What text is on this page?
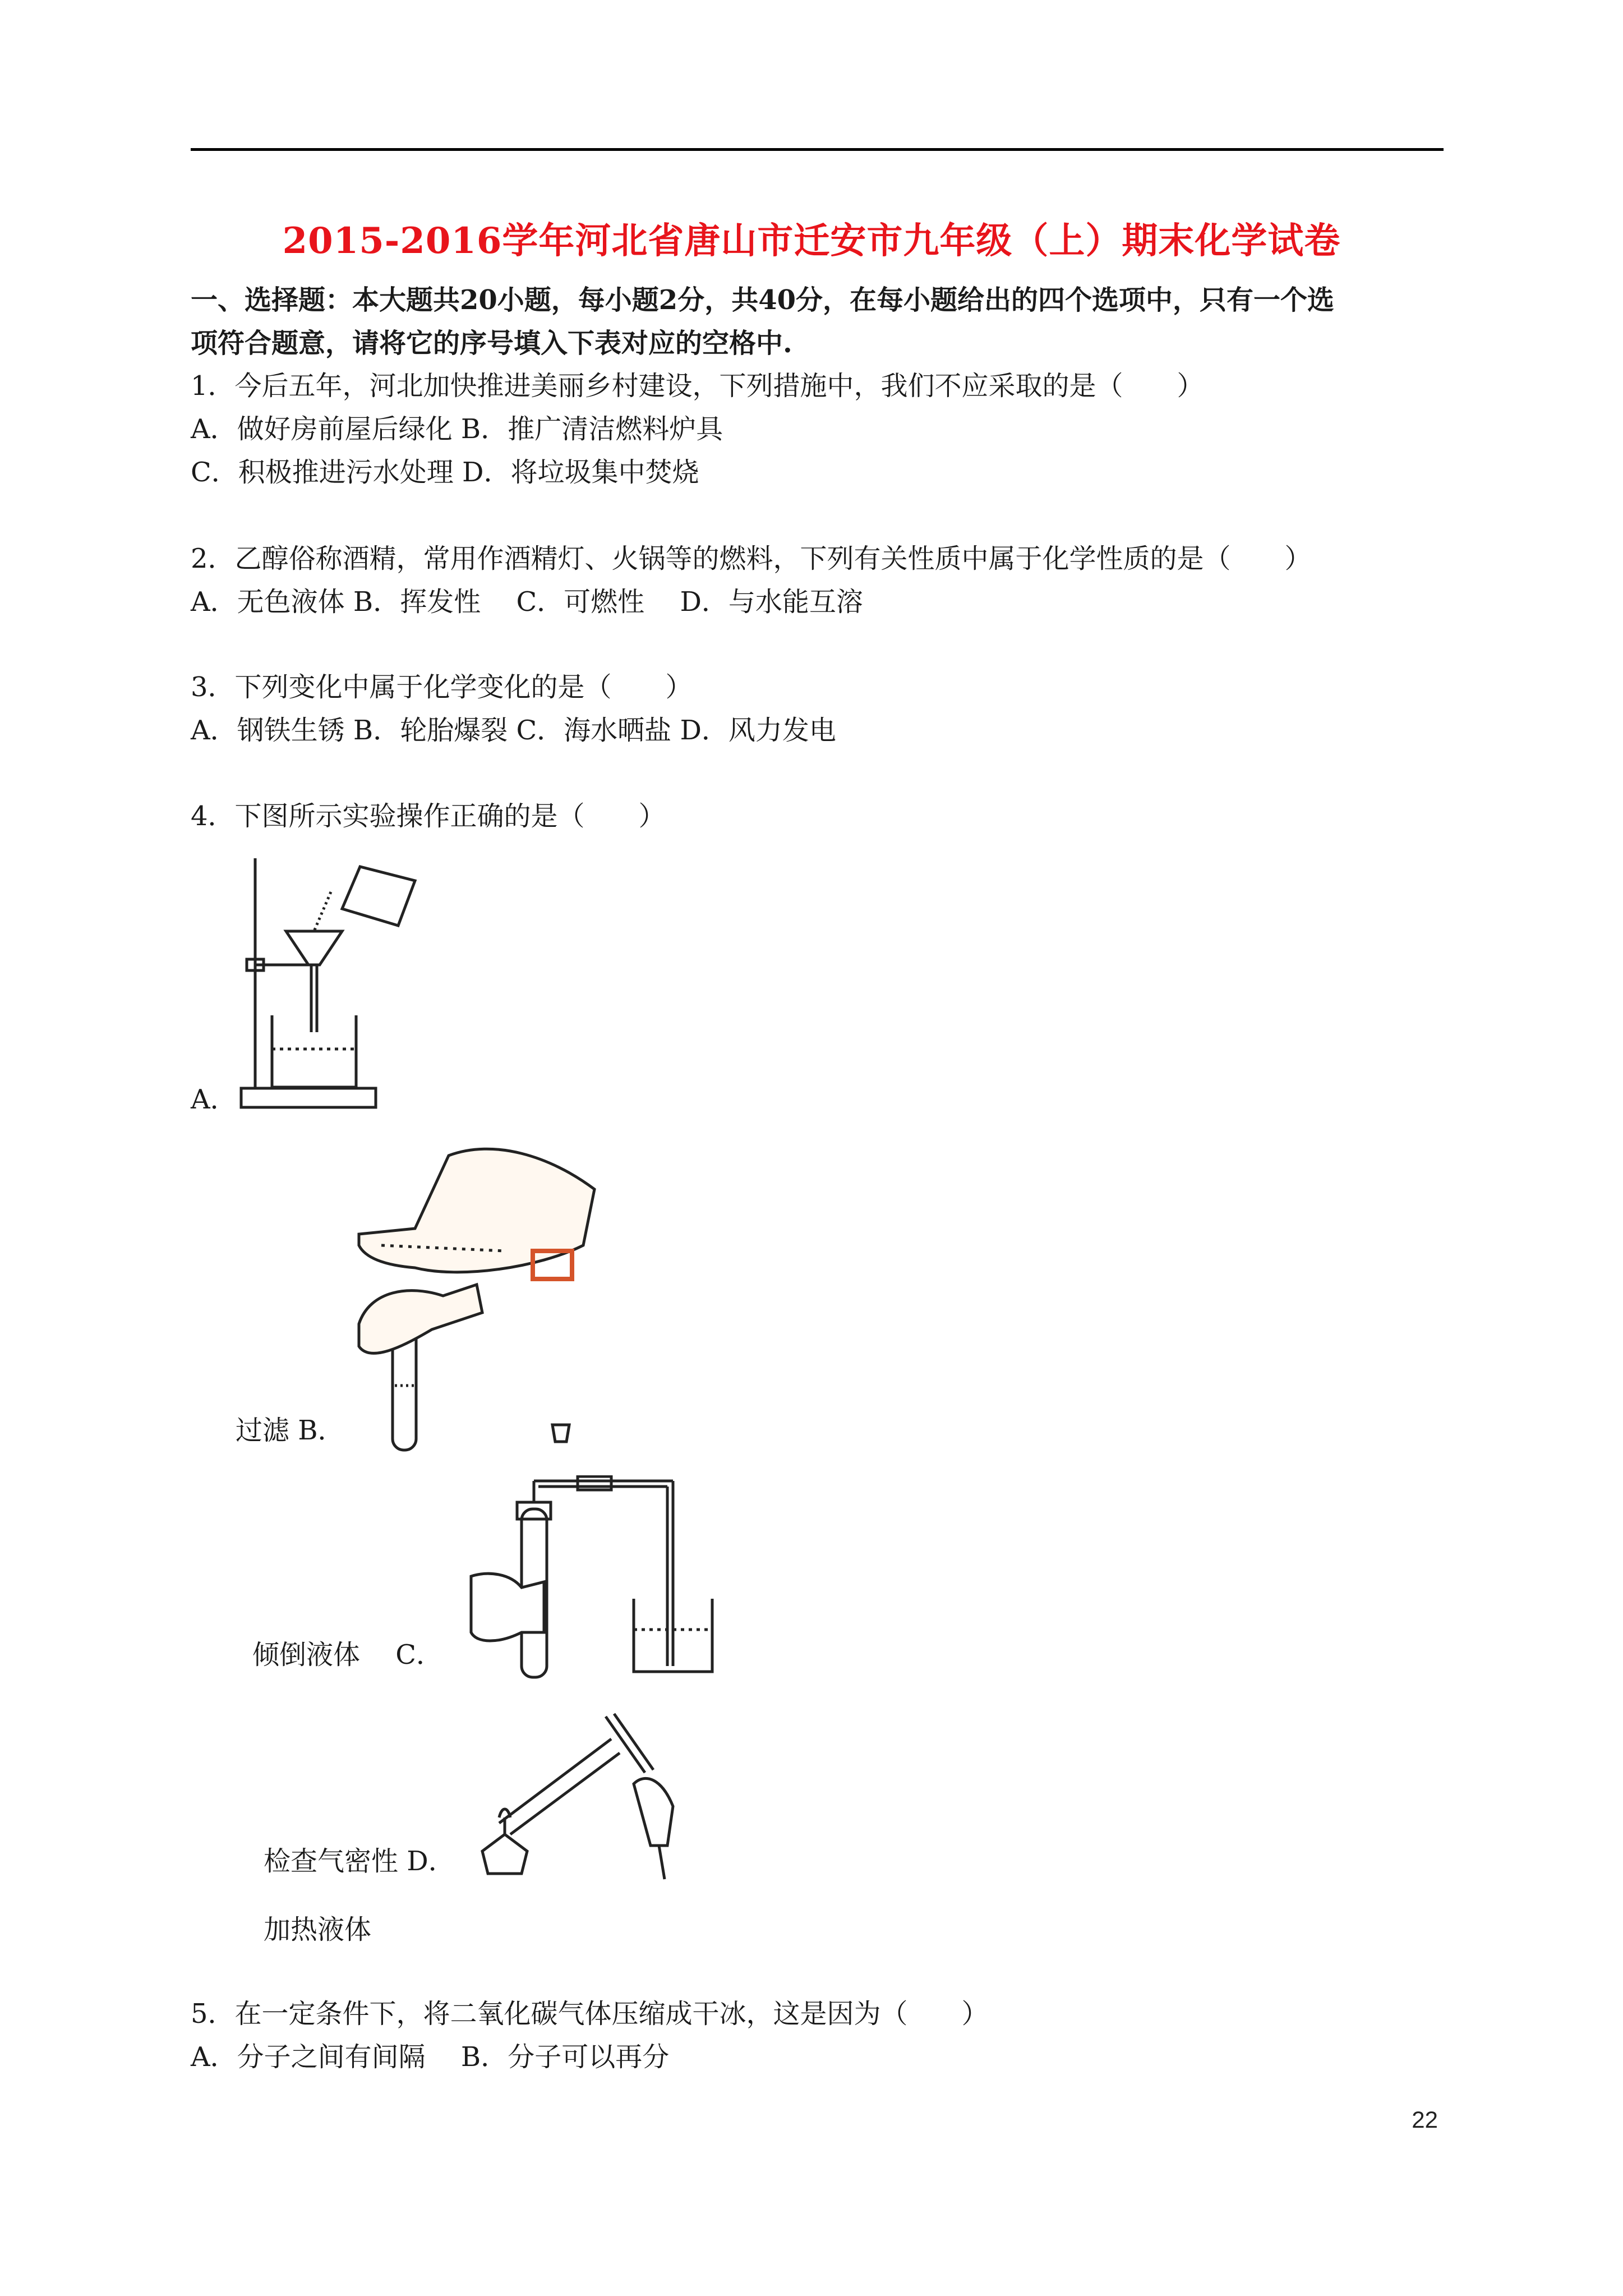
2015-2016学年河北省唐山市迁安市九年级（上）期末化学试卷
一、选择题：本大题共20小题，每小题2分，共40分，在每小题给出的四个选项中，只有一个选
项符合题意，请将它的序号填入下表对应的空格中.
1．今后五年，河北加快推进美丽乡村建设，下列措施中，我们不应采取的是（　　）
A．做好房前屋后绿化 B．推广清洁燃料炉具
C．积极推进污水处理 D．将垃圾集中焚烧
2．乙醇俗称酒精，常用作酒精灯、火锅等的燃料，下列有关性质中属于化学性质的是（　　）
A．无色液体 B．挥发性　 C．可燃性　 D．与水能互溶
3．下列变化中属于化学变化的是（　　）
A．钢铁生锈 B．轮胎爆裂 C．海水晒盐 D．风力发电
4．下图所示实验操作正确的是（　　）
A．
过滤 B．
倾倒液体　 C．
检查气密性 D．
加热液体
5．在一定条件下，将二氧化碳气体压缩成干冰，这是因为（　　）
A．分子之间有间隔　 B．分子可以再分
22
